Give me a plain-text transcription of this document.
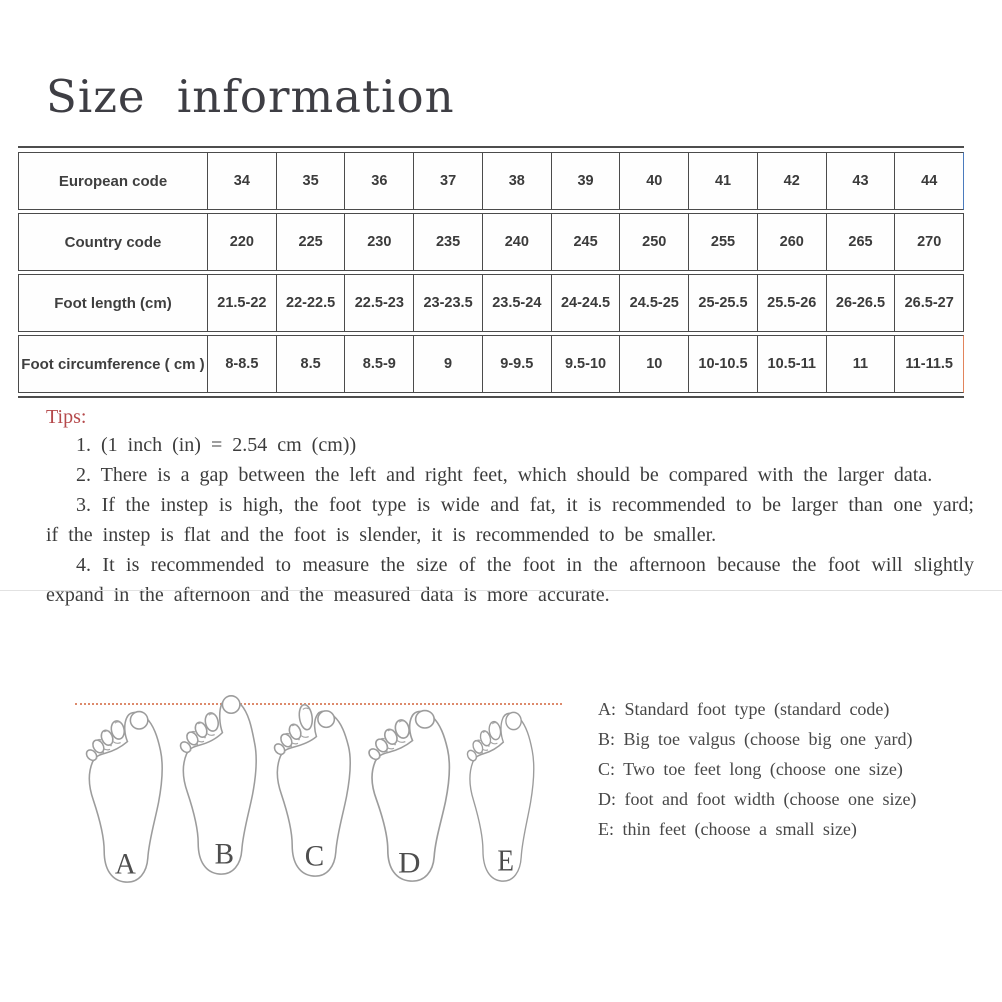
Size information
European code	34	35	36	37	38	39	40	41	42	43	44
Country code	220	225	230	235	240	245	250	255	260	265	270
Foot length (cm)	21.5-22	22-22.5	22.5-23	23-23.5	23.5-24	24-24.5	24.5-25	25-25.5	25.5-26	26-26.5	26.5-27
Foot circumference ( cm )	8-8.5	8.5	8.5-9	9	9-9.5	9.5-10	10	10-10.5	10.5-11	11	11-11.5

Tips:

1. (1 inch (in) = 2.54 cm (cm))

2. There is a gap between the left and right feet, which should be compared with the larger data.

3. If the instep is high, the foot type is wide and fat, it is recommended to be larger than one yard; if the instep is flat and the foot is slender, it is recommended to be smaller.

4. It is recommended to measure the size of the foot in the afternoon because the foot will slightly expand in the afternoon and the measured data is more accurate.

A	B C D E
A: Standard foot type (standard code)
B: Big toe valgus (choose big one yard)
C: Two toe feet long (choose one size)
D: foot and foot width (choose one size)
E: thin feet (choose a small size)
